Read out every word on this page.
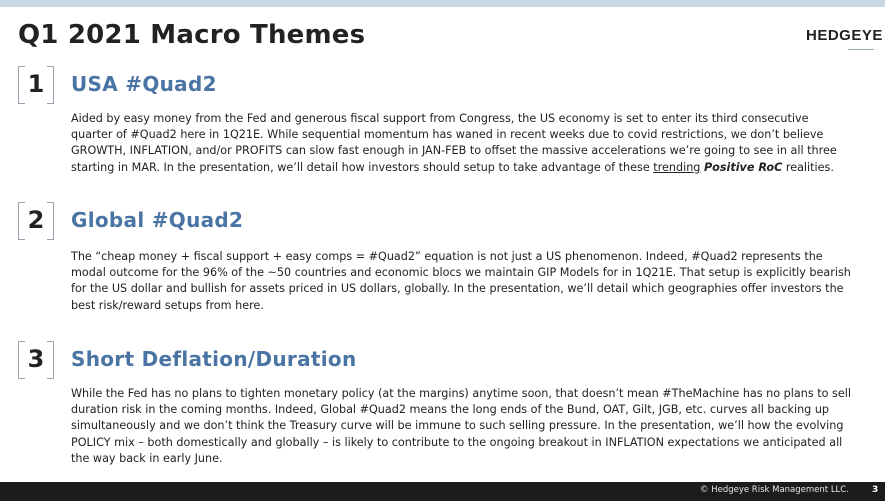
Q1 2021 Macro Themes	HEDGEYE
1	USA #Quad2

Aided by easy money from the Fed and generous fiscal support from Congress, the US economy is set to enter its third consecutive quarter of #Quad2 here in 1Q21E. While sequential momentum has waned in recent weeks due to covid restrictions, we don’t believe GROWTH, INFLATION, and/or PROFITS can slow fast enough in JAN-FEB to offset the massive accelerations we’re going to see in all three starting in MAR. In the presentation, we’ll detail how investors should setup to take advantage of these trending Positive RoC realities.

2	Global #Quad2

The “cheap money + fiscal support + easy comps = #Quad2” equation is not just a US phenomenon. Indeed, #Quad2 represents the modal outcome for the 96% of the ~50 countries and economic blocs we maintain GIP Models for in 1Q21E. That setup is explicitly bearish for the US dollar and bullish for assets priced in US dollars, globally. In the presentation, we’ll detail which geographies offer investors the best risk/reward setups from here.

3	Short Deflation/Duration

While the Fed has no plans to tighten monetary policy (at the margins) anytime soon, that doesn’t mean #TheMachine has no plans to sell duration risk in the coming months. Indeed, Global #Quad2 means the long ends of the Bund, OAT, Gilt, JGB, etc. curves all backing up simultaneously and we don’t think the Treasury curve will be immune to such selling pressure. In the presentation, we’ll how the evolving POLICY mix – both domestically and globally – is likely to contribute to the ongoing breakout in INFLATION expectations we anticipated all the way back in early June.

© Hedgeye Risk Management LLC.	3
